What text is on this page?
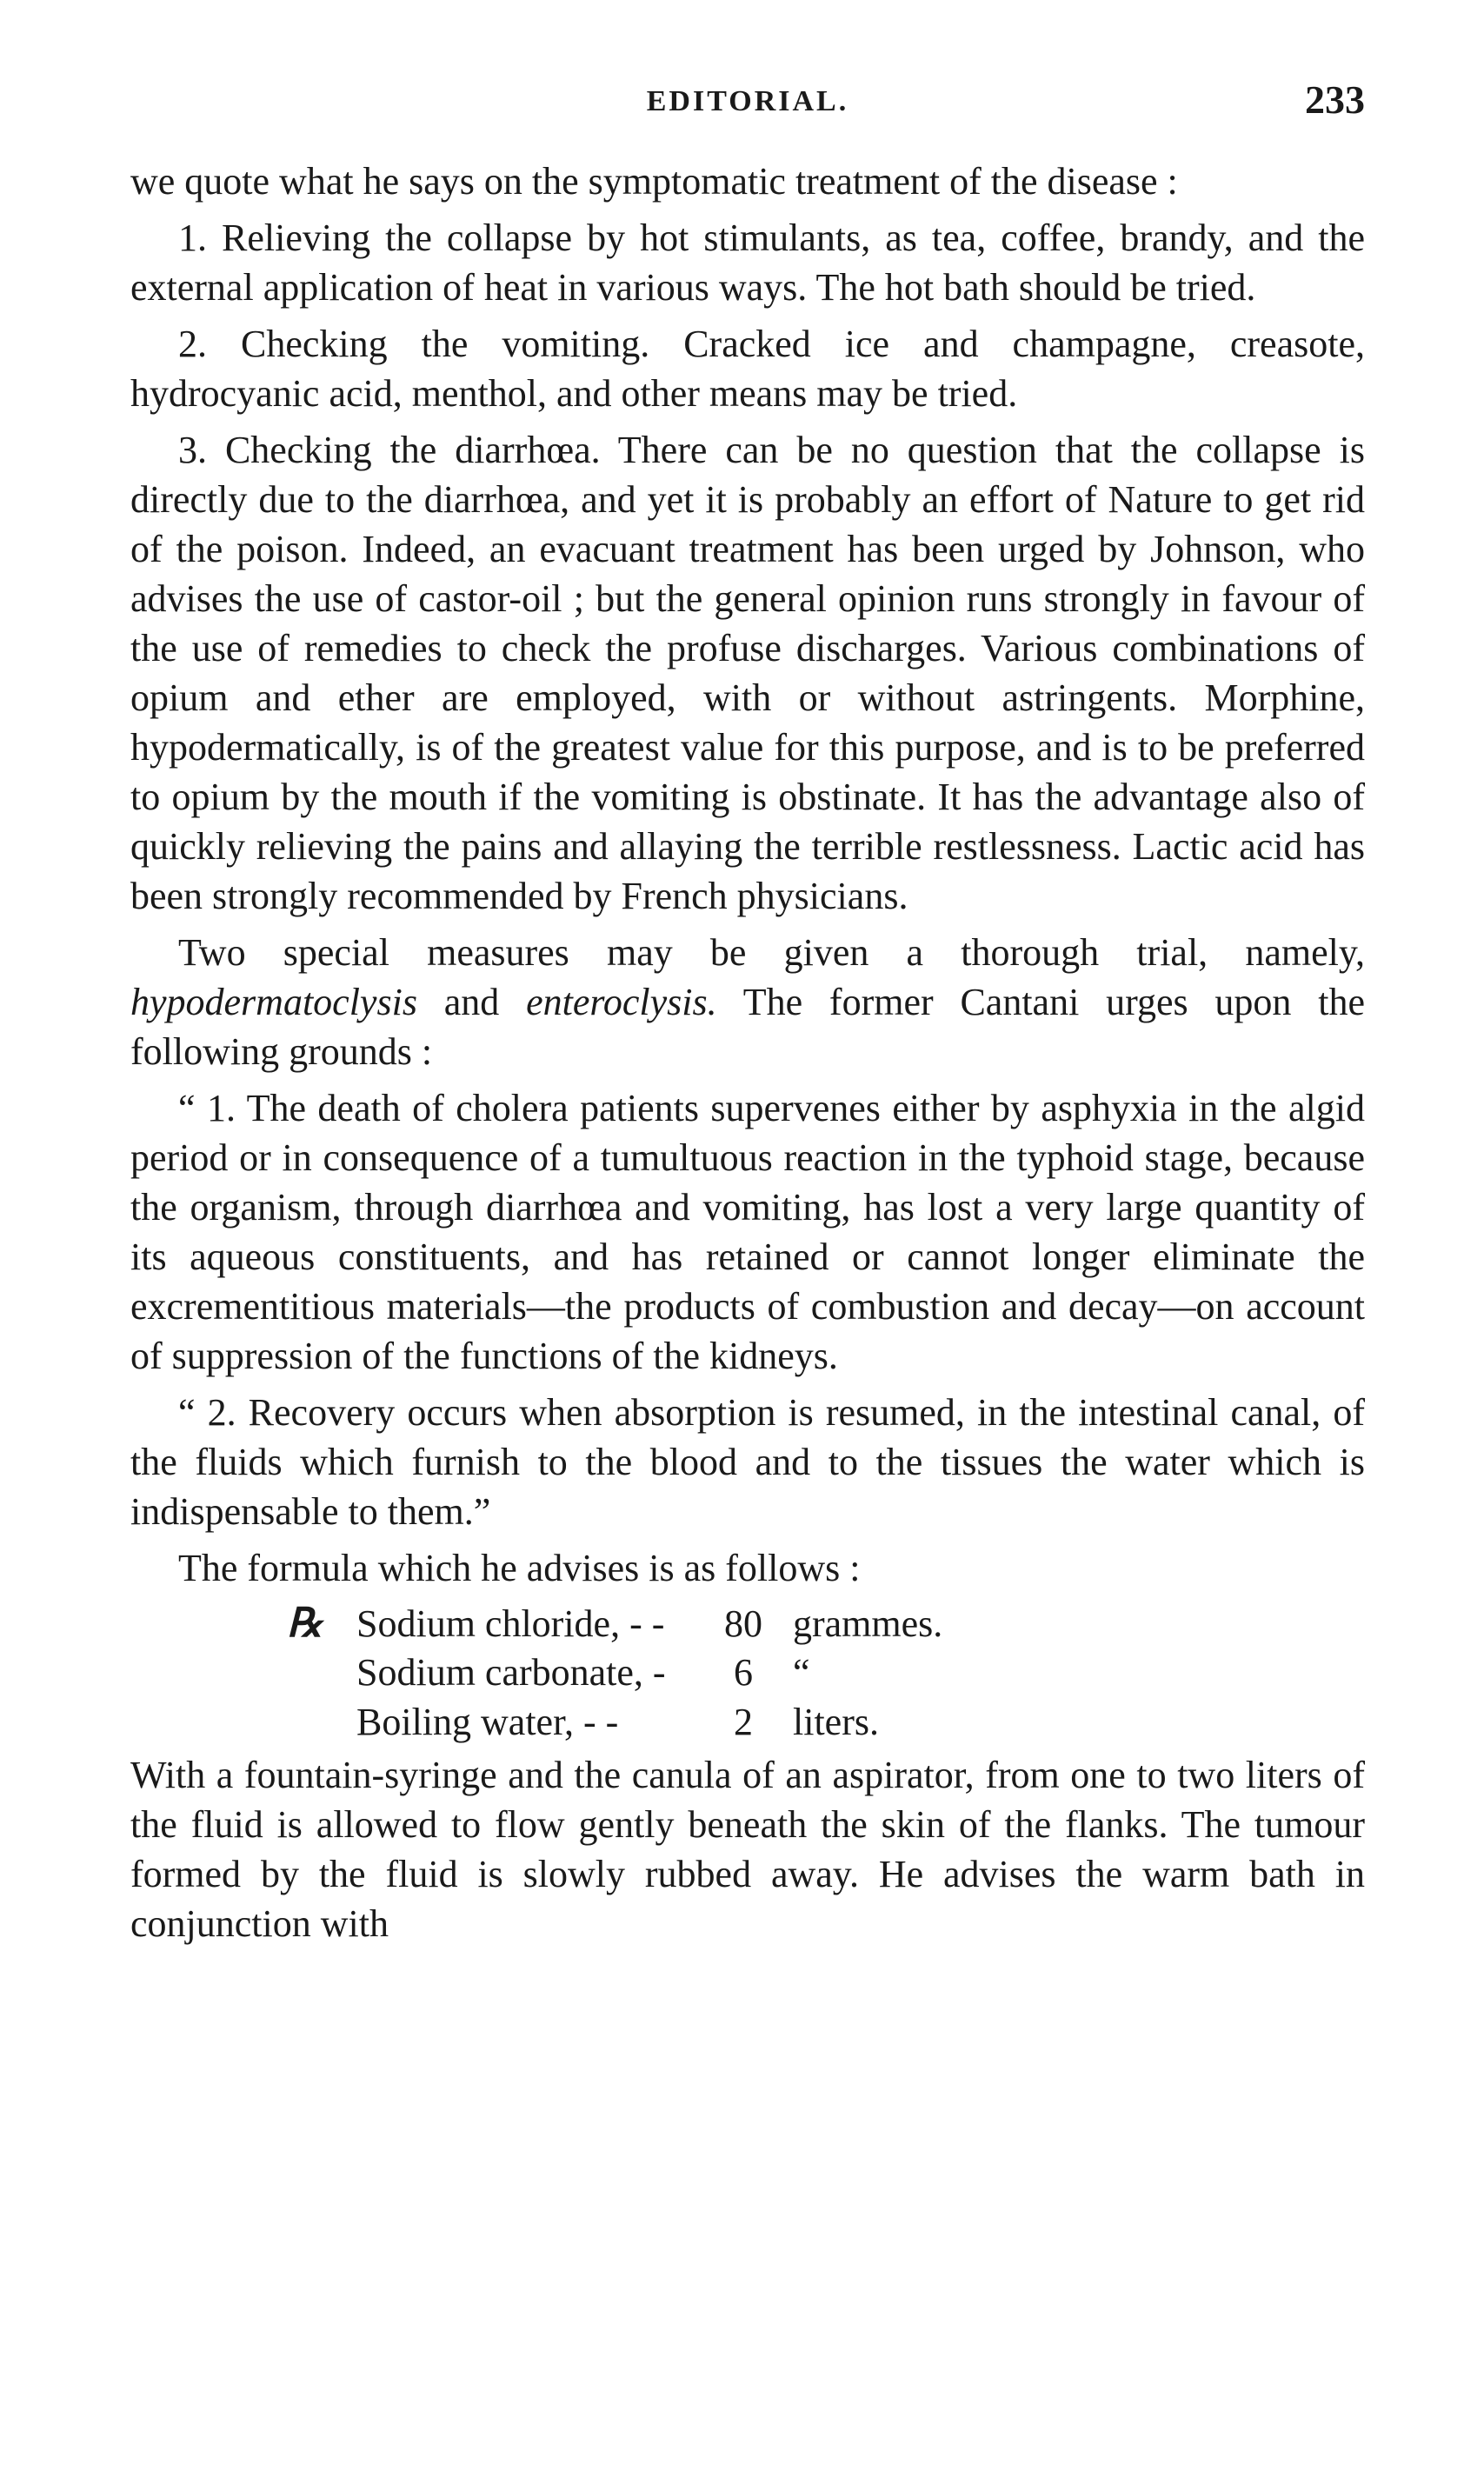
EDITORIAL.	233

we quote what he says on the symptomatic treatment of the disease :

1. Relieving the collapse by hot stimulants, as tea, coffee, brandy, and the external application of heat in various ways. The hot bath should be tried.

2. Checking the vomiting. Cracked ice and champagne, creasote, hydrocyanic acid, menthol, and other means may be tried.

3. Checking the diarrhœa. There can be no question that the collapse is directly due to the diarrhœa, and yet it is probably an effort of Nature to get rid of the poison. Indeed, an evacuant treatment has been urged by Johnson, who advises the use of castor-oil ; but the general opinion runs strongly in favour of the use of remedies to check the profuse discharges. Various combinations of opium and ether are employed, with or without astringents. Morphine, hypodermatically, is of the greatest value for this purpose, and is to be preferred to opium by the mouth if the vomiting is obstinate. It has the advantage also of quickly relieving the pains and allaying the terrible restlessness. Lactic acid has been strongly recommended by French physicians.

Two special measures may be given a thorough trial, namely, hypodermatoclysis and enteroclysis. The former Cantani urges upon the following grounds :

“ 1. The death of cholera patients supervenes either by asphyxia in the algid period or in consequence of a tumultuous reaction in the typhoid stage, because the organism, through diarrhœa and vomiting, has lost a very large quantity of its aqueous constituents, and has retained or cannot longer eliminate the excrementitious materials—the products of combustion and decay—on account of suppression of the functions of the kidneys.

“ 2. Recovery occurs when absorption is resumed, in the intestinal canal, of the fluids which furnish to the blood and to the tissues the water which is indispensable to them.”

The formula which he advises is as follows :

℞ Sodium chloride, - -	80 grammes.
Sodium carbonate, -	6	“
Boiling water, - -	2	liters.

With a fountain-syringe and the canula of an aspirator, from one to two liters of the fluid is allowed to flow gently beneath the skin of the flanks. The tumour formed by the fluid is slowly rubbed away. He advises the warm bath in conjunction with
